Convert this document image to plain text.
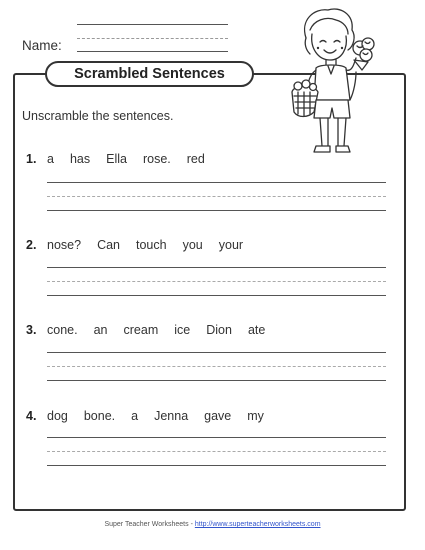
Name:
Scrambled Sentences
Unscramble the sentences.
1. a has Ella rose. red
2. nose? Can touch you your
3. cone. an cream ice Dion ate
4. dog bone. a Jenna gave my
Super Teacher Worksheets - http://www.superteacherworksheets.com
